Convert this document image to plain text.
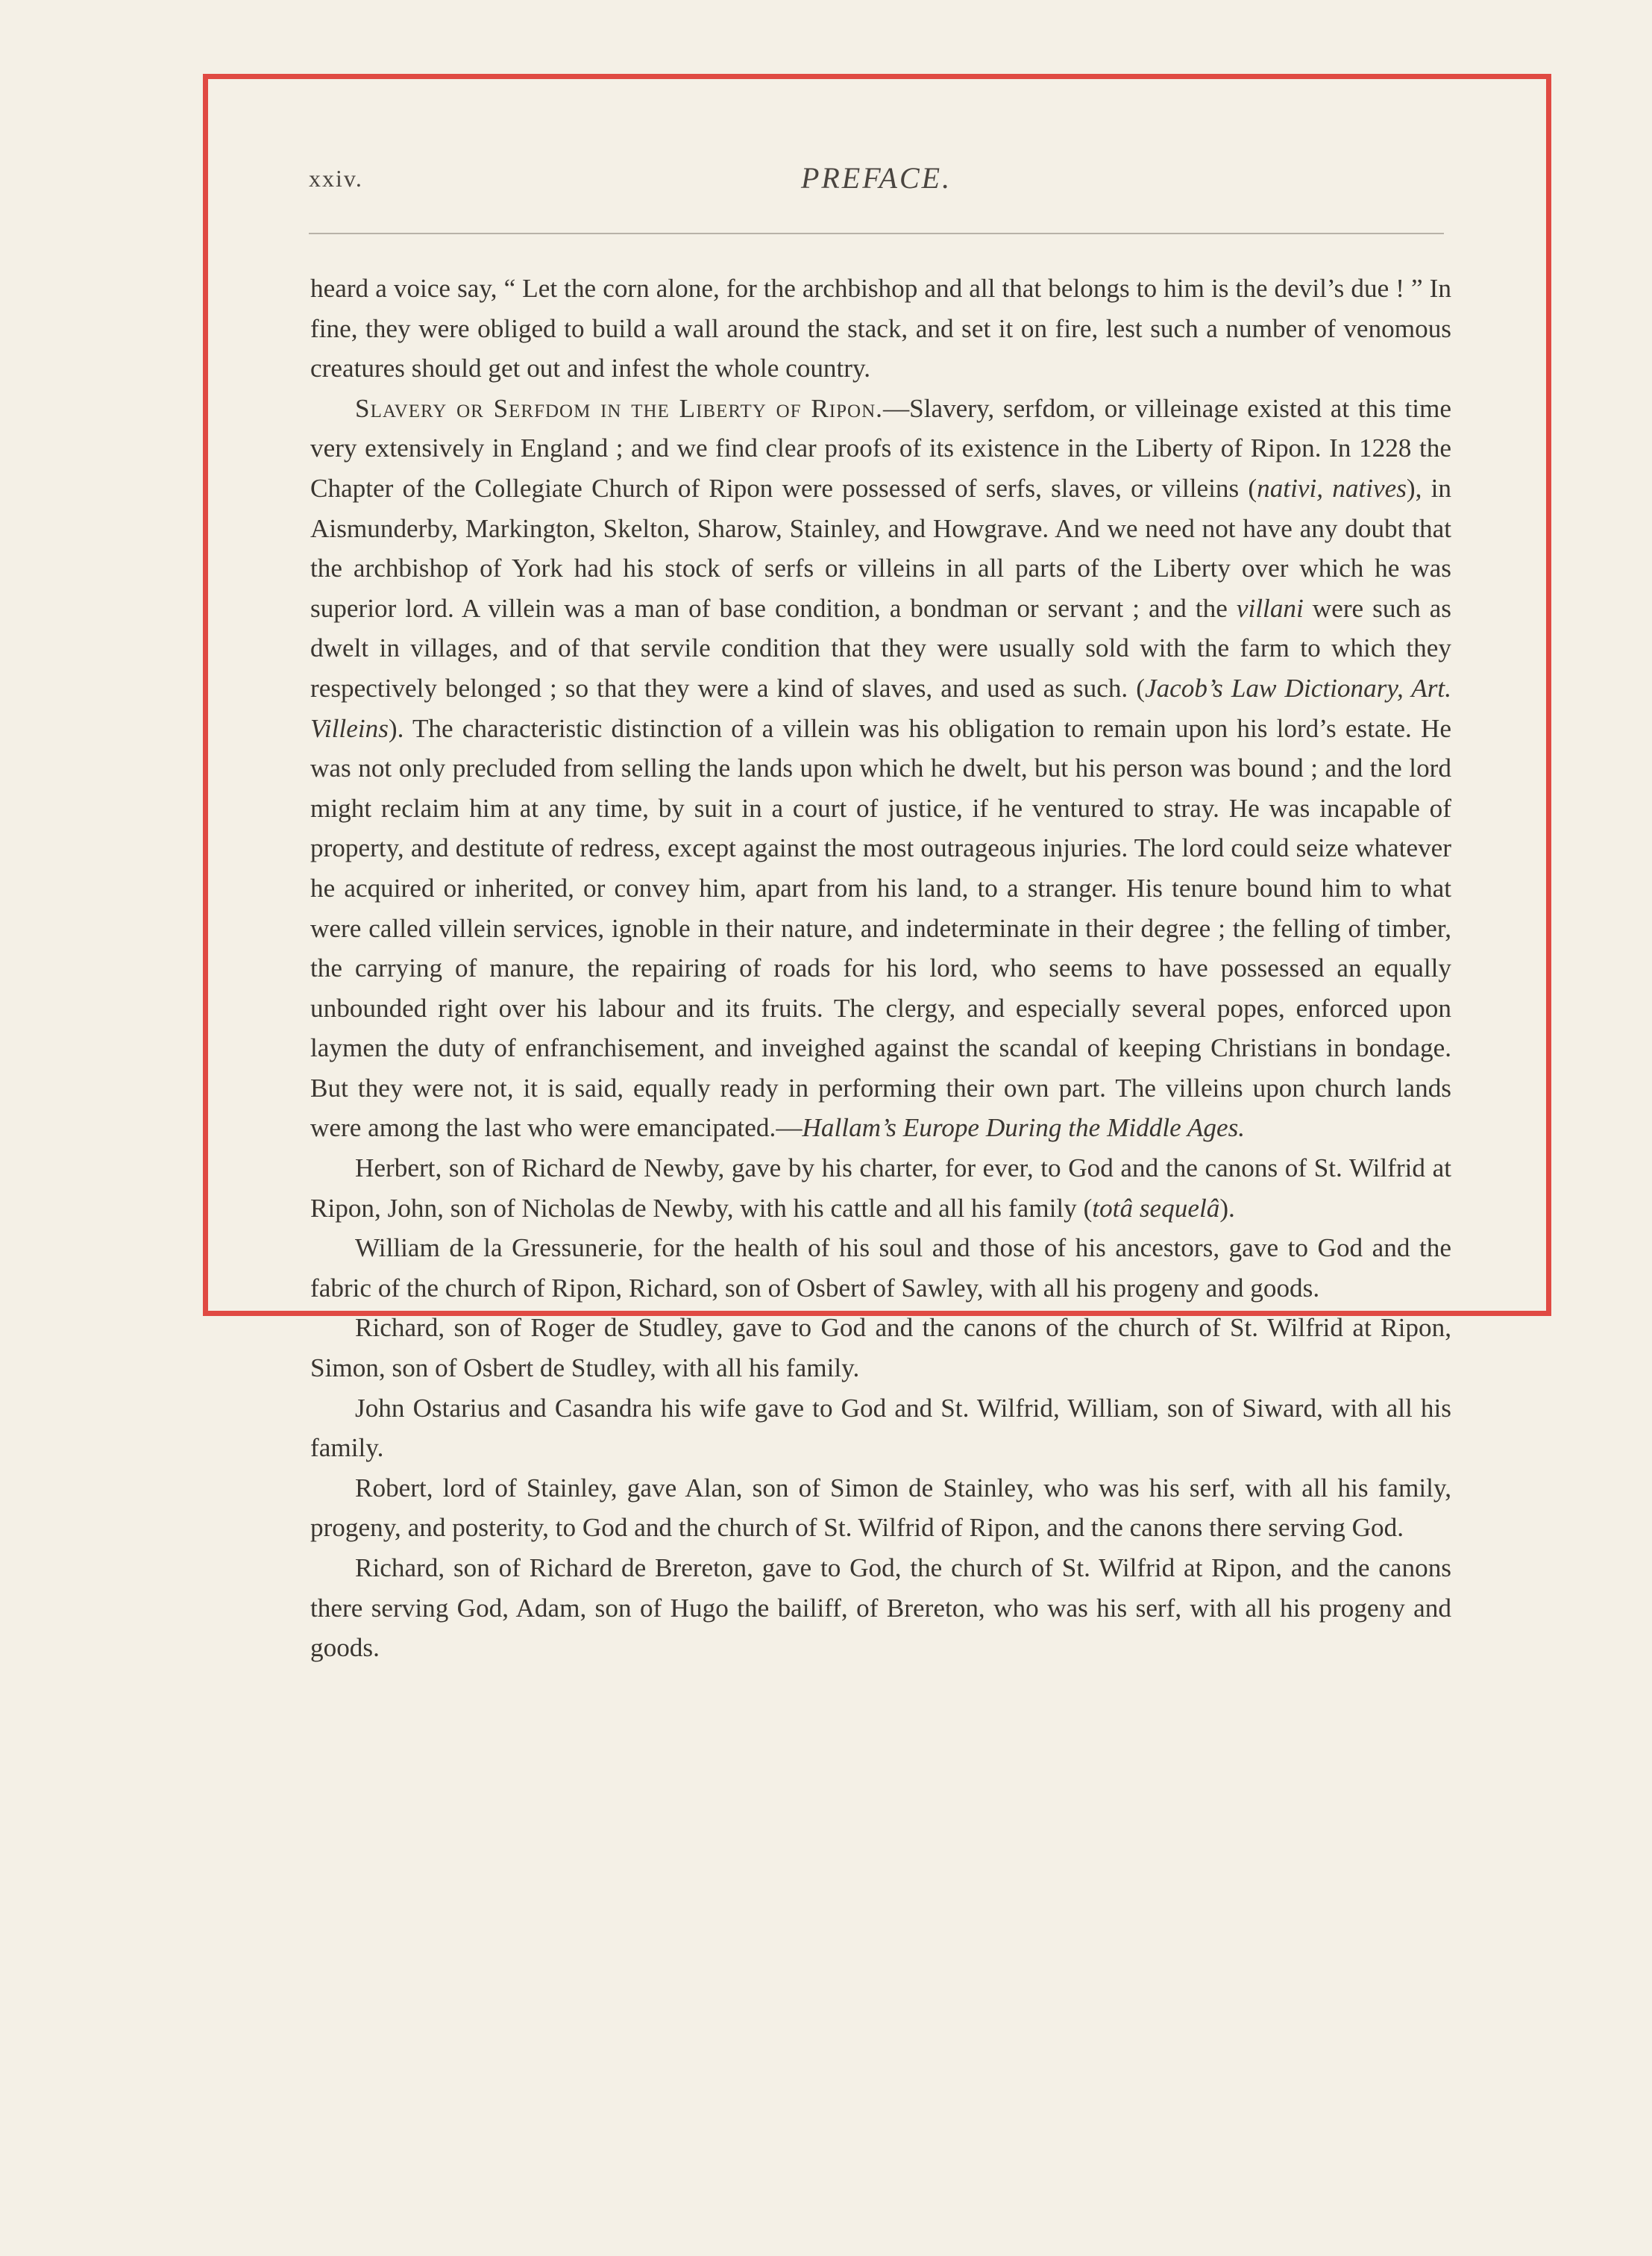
xxiv.	PREFACE.

heard a voice say, “ Let the corn alone, for the archbishop and all that belongs to him is the devil’s due ! ” In fine, they were obliged to build a wall around the stack, and set it on fire, lest such a number of venomous creatures should get out and infest the whole country.

Slavery or Serfdom in the Liberty of Ripon.—Slavery, serfdom, or villeinage existed at this time very extensively in England ; and we find clear proofs of its existence in the Liberty of Ripon. In 1228 the Chapter of the Collegiate Church of Ripon were possessed of serfs, slaves, or villeins (nativi, natives), in Aismunderby, Markington, Skelton, Sharow, Stainley, and Howgrave. And we need not have any doubt that the archbishop of York had his stock of serfs or villeins in all parts of the Liberty over which he was superior lord. A villein was a man of base condition, a bondman or servant ; and the villani were such as dwelt in villages, and of that servile condition that they were usually sold with the farm to which they respectively belonged ; so that they were a kind of slaves, and used as such. (Jacob’s Law Dictionary, Art. Villeins). The characteristic distinction of a villein was his obligation to remain upon his lord’s estate. He was not only precluded from selling the lands upon which he dwelt, but his person was bound ; and the lord might reclaim him at any time, by suit in a court of justice, if he ventured to stray. He was incapable of property, and destitute of redress, except against the most outrageous injuries. The lord could seize whatever he acquired or inherited, or convey him, apart from his land, to a stranger. His tenure bound him to what were called villein services, ignoble in their nature, and indeterminate in their degree ; the felling of timber, the carrying of manure, the repairing of roads for his lord, who seems to have possessed an equally unbounded right over his labour and its fruits. The clergy, and especially several popes, enforced upon laymen the duty of enfranchisement, and inveighed against the scandal of keeping Christians in bondage. But they were not, it is said, equally ready in performing their own part. The villeins upon church lands were among the last who were emancipated.—Hallam’s Europe During the Middle Ages.

Herbert, son of Richard de Newby, gave by his charter, for ever, to God and the canons of St. Wilfrid at Ripon, John, son of Nicholas de Newby, with his cattle and all his family (totâ sequelâ).

William de la Gressunerie, for the health of his soul and those of his ancestors, gave to God and the fabric of the church of Ripon, Richard, son of Osbert of Sawley, with all his progeny and goods.

Richard, son of Roger de Studley, gave to God and the canons of the church of St. Wilfrid at Ripon, Simon, son of Osbert de Studley, with all his family.

John Ostarius and Casandra his wife gave to God and St. Wilfrid, William, son of Siward, with all his family.

Robert, lord of Stainley, gave Alan, son of Simon de Stainley, who was his serf, with all his family, progeny, and posterity, to God and the church of St. Wilfrid of Ripon, and the canons there serving God.

Richard, son of Richard de Brereton, gave to God, the church of St. Wilfrid at Ripon, and the canons there serving God, Adam, son of Hugo the bailiff, of Brereton, who was his serf, with all his progeny and goods.
